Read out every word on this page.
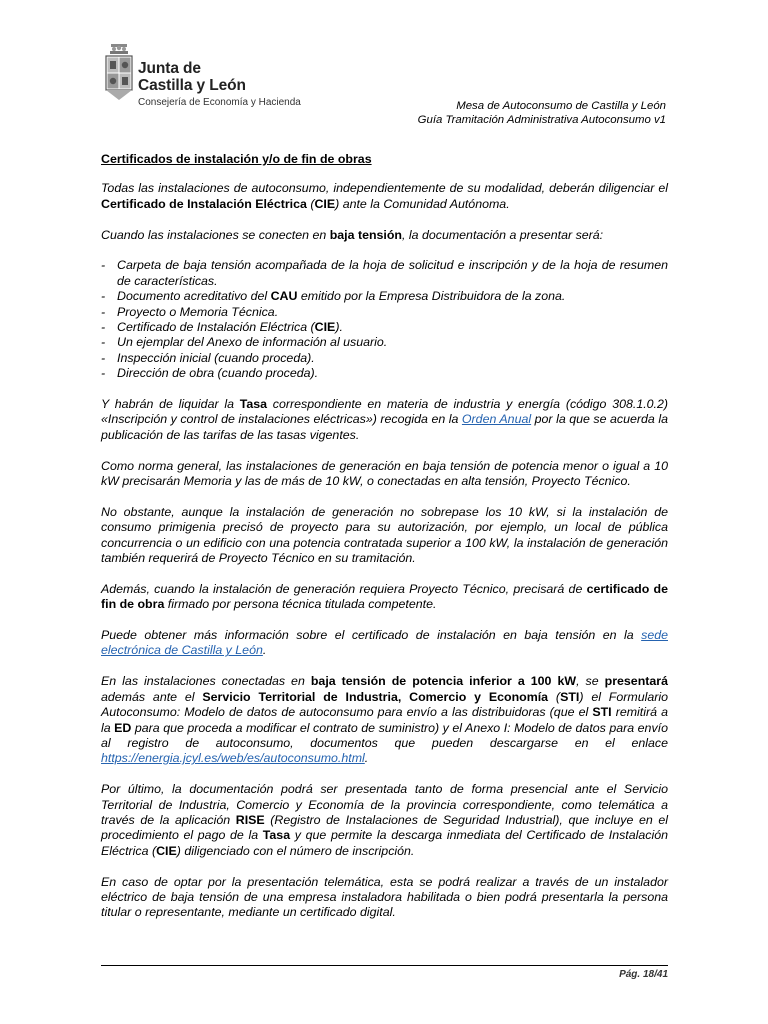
Junta de
Castilla y León
Consejería de Economía y Hacienda	Mesa de Autoconsumo de Castilla y León
Guía Tramitación Administrativa Autoconsumo v1
Certificados de instalación y/o de fin de obras

Todas las instalaciones de autoconsumo, independientemente de su modalidad, deberán diligenciar el Certificado de Instalación Eléctrica (CIE) ante la Comunidad Autónoma.

Cuando las instalaciones se conecten en baja tensión, la documentación a presentar será:

- Carpeta de baja tensión acompañada de la hoja de solicitud e inscripción y de la hoja de resumen de características.
- Documento acreditativo del CAU emitido por la Empresa Distribuidora de la zona.
- Proyecto o Memoria Técnica.
- Certificado de Instalación Eléctrica (CIE).
- Un ejemplar del Anexo de información al usuario.
- Inspección inicial (cuando proceda).
- Dirección de obra (cuando proceda).

Y habrán de liquidar la Tasa correspondiente en materia de industria y energía (código 308.1.0.2) «Inscripción y control de instalaciones eléctricas») recogida en la Orden Anual por la que se acuerda la publicación de las tarifas de las tasas vigentes.

Como norma general, las instalaciones de generación en baja tensión de potencia menor o igual a 10 kW precisarán Memoria y las de más de 10 kW, o conectadas en alta tensión, Proyecto Técnico.

No obstante, aunque la instalación de generación no sobrepase los 10 kW, si la instalación de consumo primigenia precisó de proyecto para su autorización, por ejemplo, un local de pública concurrencia o un edificio con una potencia contratada superior a 100 kW, la instalación de generación también requerirá de Proyecto Técnico en su tramitación.

Además, cuando la instalación de generación requiera Proyecto Técnico, precisará de certificado de fin de obra firmado por persona técnica titulada competente.

Puede obtener más información sobre el certificado de instalación en baja tensión en la sede electrónica de Castilla y León.

En las instalaciones conectadas en baja tensión de potencia inferior a 100 kW, se presentará además ante el Servicio Territorial de Industria, Comercio y Economía (STI) el Formulario Autoconsumo: Modelo de datos de autoconsumo para envío a las distribuidoras (que el STI remitirá a la ED para que proceda a modificar el contrato de suministro) y el Anexo I: Modelo de datos para envío al registro de autoconsumo, documentos que pueden descargarse en el enlace https://energia.jcyl.es/web/es/autoconsumo.html.

Por último, la documentación podrá ser presentada tanto de forma presencial ante el Servicio Territorial de Industria, Comercio y Economía de la provincia correspondiente, como telemática a través de la aplicación RISE (Registro de Instalaciones de Seguridad Industrial), que incluye en el procedimiento el pago de la Tasa y que permite la descarga inmediata del Certificado de Instalación Eléctrica (CIE) diligenciado con el número de inscripción.

En caso de optar por la presentación telemática, esta se podrá realizar a través de un instalador eléctrico de baja tensión de una empresa instaladora habilitada o bien podrá presentarla la persona titular o representante, mediante un certificado digital.

Pág. 18/41
